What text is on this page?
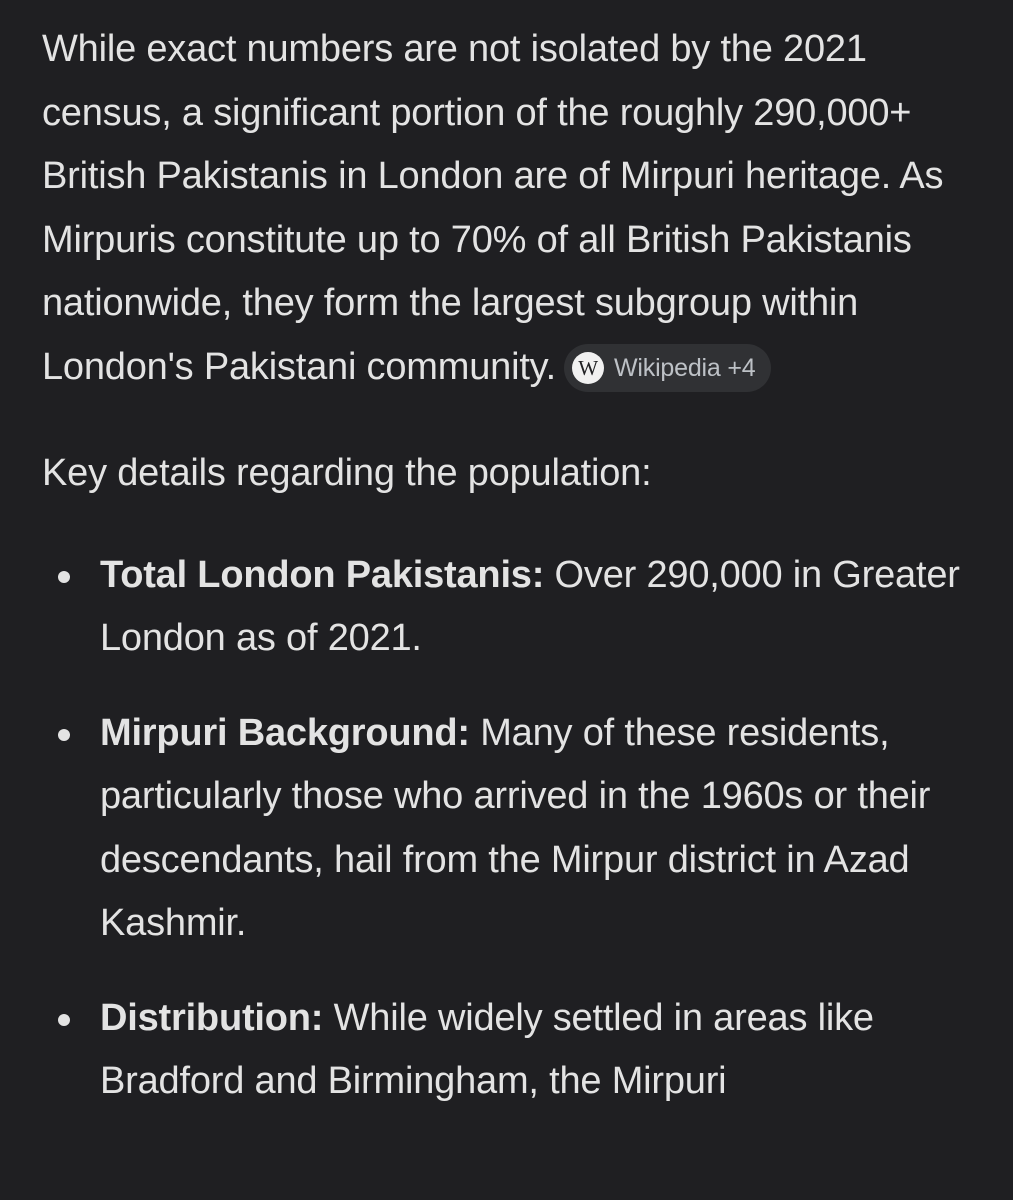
While exact numbers are not isolated by the 2021 census, a significant portion of the roughly 290,000+ British Pakistanis in London are of Mirpuri heritage. As Mirpuris constitute up to 70% of all British Pakistanis nationwide, they form the largest subgroup within London's Pakistani community. W Wikipedia +4

Key details regarding the population:

Total London Pakistanis: Over 290,000 in Greater London as of 2021.
Mirpuri Background: Many of these residents, particularly those who arrived in the 1960s or their descendants, hail from the Mirpur district in Azad Kashmir.
Distribution: While widely settled in areas like Bradford and Birmingham, the Mirpuri
